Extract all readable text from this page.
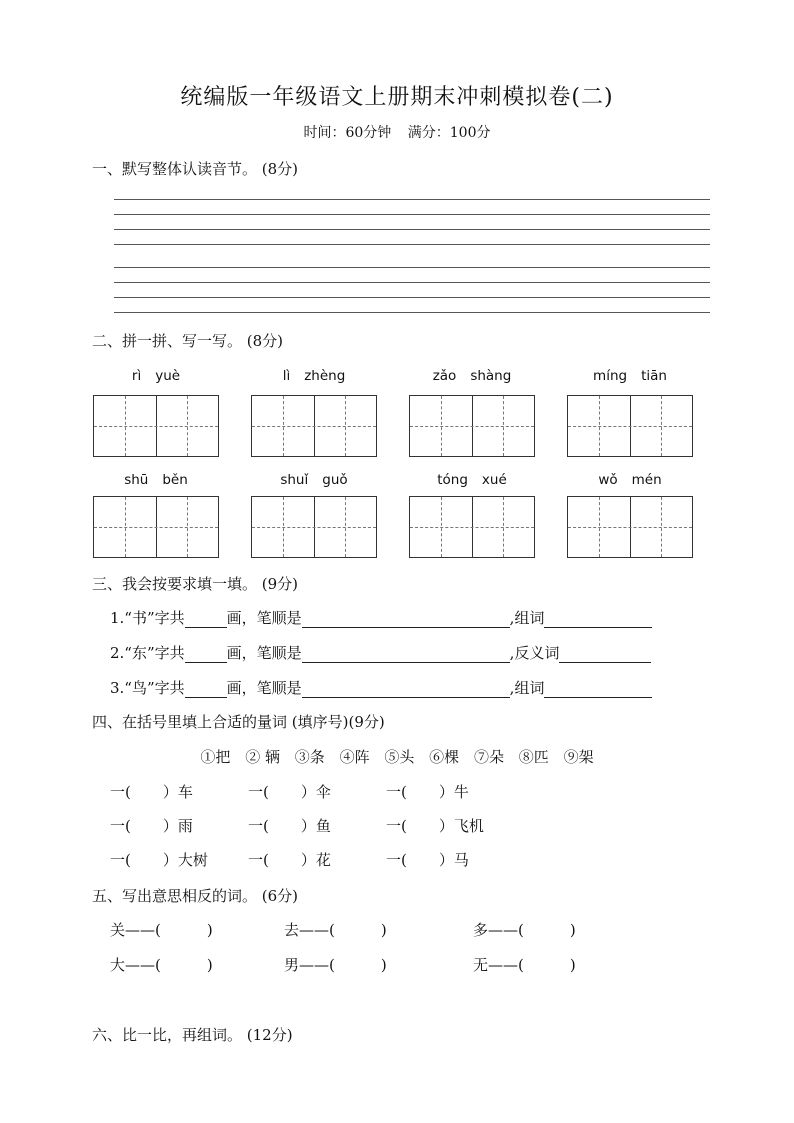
统编版一年级语文上册期末冲刺模拟卷(二)
时间：60分钟 满分：100分
一、默写整体认读音节。 (8分)
二、拼一拼、写一写。 (8分)
rì yuè	lì zhèng	zǎo shàng	míng tiān
shū běn	shuǐ guǒ	tóng xué	wǒ mén
三、我会按要求填一填。 (9分)
1.“书”字共	画，笔顺是	,组词
2.“东”字共	画，笔顺是	,反义词
3.“鸟”字共	画，笔顺是	,组词
四、在括号里填上合适的量词 (填序号)(9分)
①把 ② 辆 ③条 ④阵 ⑤头 ⑥棵 ⑦朵 ⑧匹 ⑨架
一( ）车	一( ）伞	一( ）牛
一( ）雨	一( ）鱼	一( ）飞机
一( ）大树	一( ）花	一( ）马
五、写出意思相反的词。 (6分)
关——(	)	去——(	)	多——(	)
大——(	)	男——(	)	无——(	)
六、比一比，再组词。 (12分)
